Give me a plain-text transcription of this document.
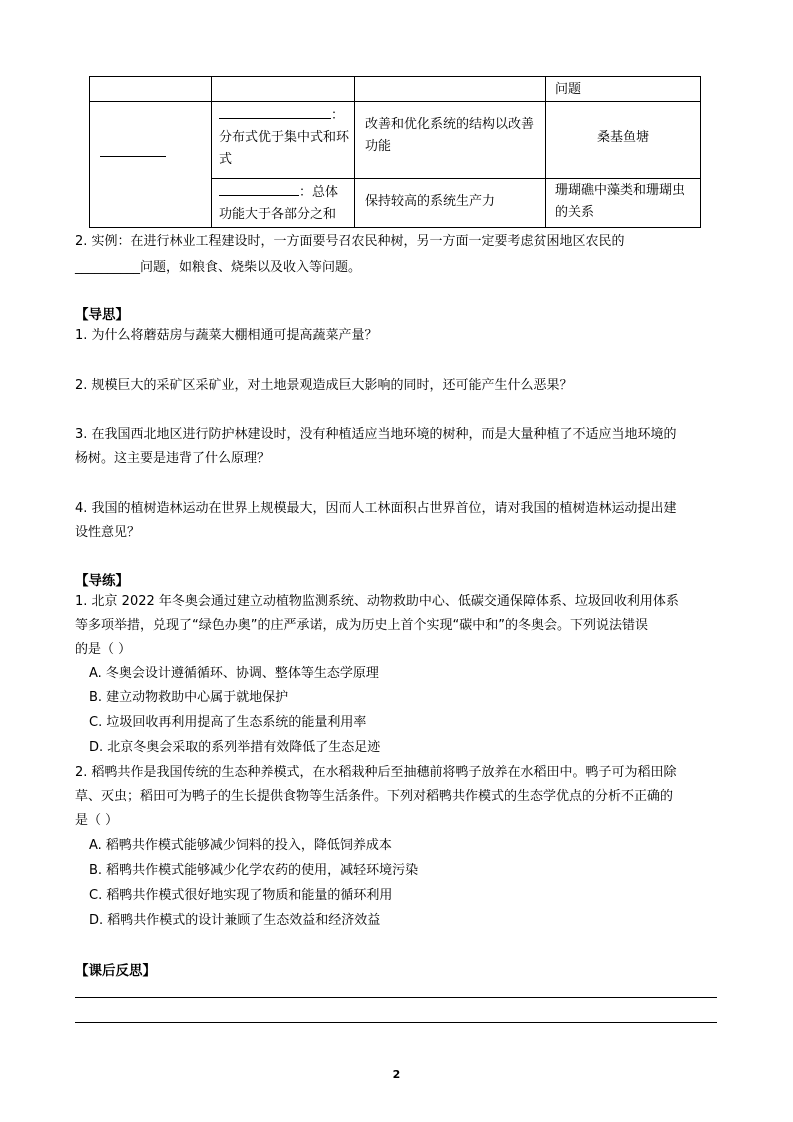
问题
：
分布式优于集中式和环式
改善和优化系统的结构以改善功能
桑基鱼塘
：总体
功能大于各部分之和
保持较高的系统生产力
珊瑚礁中藻类和珊瑚虫的关系
2. 实例：在进行林业工程建设时，一方面要号召农民种树，另一方面一定要考虑贫困地区农民的
__________问题，如粮食、烧柴以及收入等问题。
【导思】
1. 为什么将蘑菇房与蔬菜大棚相通可提高蔬菜产量？
2. 规模巨大的采矿区采矿业，对土地景观造成巨大影响的同时，还可能产生什么恶果？
3. 在我国西北地区进行防护林建设时，没有种植适应当地环境的树种，而是大量种植了不适应当地环境的
杨树。这主要是违背了什么原理？
4. 我国的植树造林运动在世界上规模最大，因而人工林面积占世界首位，请对我国的植树造林运动提出建
设性意见？
【导练】
1. 北京 2022 年冬奥会通过建立动植物监测系统、动物救助中心、低碳交通保障体系、垃圾回收利用体系
等多项举措，兑现了“绿色办奥”的庄严承诺，成为历史上首个实现“碳中和”的冬奥会。下列说法错误
的是（ ）
A. 冬奥会设计遵循循环、协调、整体等生态学原理
B. 建立动物救助中心属于就地保护
C. 垃圾回收再利用提高了生态系统的能量利用率
D. 北京冬奥会采取的系列举措有效降低了生态足迹
2. 稻鸭共作是我国传统的生态种养模式，在水稻栽种后至抽穗前将鸭子放养在水稻田中。鸭子可为稻田除
草、灭虫；稻田可为鸭子的生长提供食物等生活条件。下列对稻鸭共作模式的生态学优点的分析不正确的
是（ ）
A. 稻鸭共作模式能够减少饲料的投入，降低饲养成本
B. 稻鸭共作模式能够减少化学农药的使用，减轻环境污染
C. 稻鸭共作模式很好地实现了物质和能量的循环利用
D. 稻鸭共作模式的设计兼顾了生态效益和经济效益
【课后反思】
2
